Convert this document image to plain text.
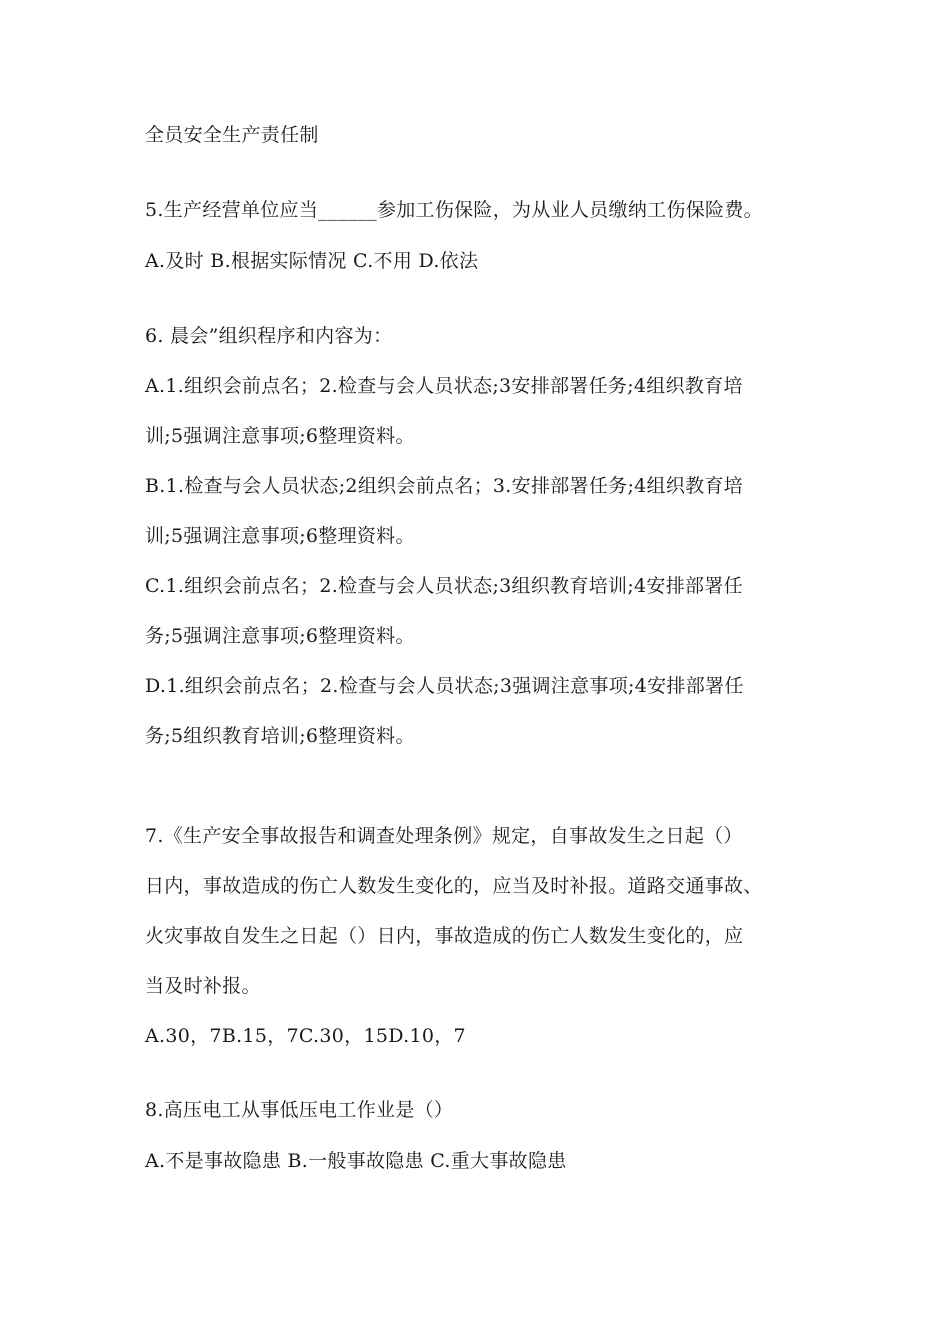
全员安全生产责任制
5.生产经营单位应当______参加工伤保险，为从业人员缴纳工伤保险费。
A.及时 B.根据实际情况 C.不用 D.依法
6. 晨会”组织程序和内容为：
A.1.组织会前点名；2.检查与会人员状态;3安排部署任务;4组织教育培
训;5强调注意事项;6整理资料。
B.1.检查与会人员状态;2组织会前点名；3.安排部署任务;4组织教育培
训;5强调注意事项;6整理资料。
C.1.组织会前点名；2.检查与会人员状态;3组织教育培训;4安排部署任
务;5强调注意事项;6整理资料。
D.1.组织会前点名；2.检查与会人员状态;3强调注意事项;4安排部署任
务;5组织教育培训;6整理资料。
7.《生产安全事故报告和调查处理条例》规定，自事故发生之日起（）
日内，事故造成的伤亡人数发生变化的，应当及时补报。道路交通事故、
火灾事故自发生之日起（）日内，事故造成的伤亡人数发生变化的，应
当及时补报。
A.30，7B.15，7C.30，15D.10，7
8.高压电工从事低压电工作业是（）
A.不是事故隐患 B.一般事故隐患 C.重大事故隐患
